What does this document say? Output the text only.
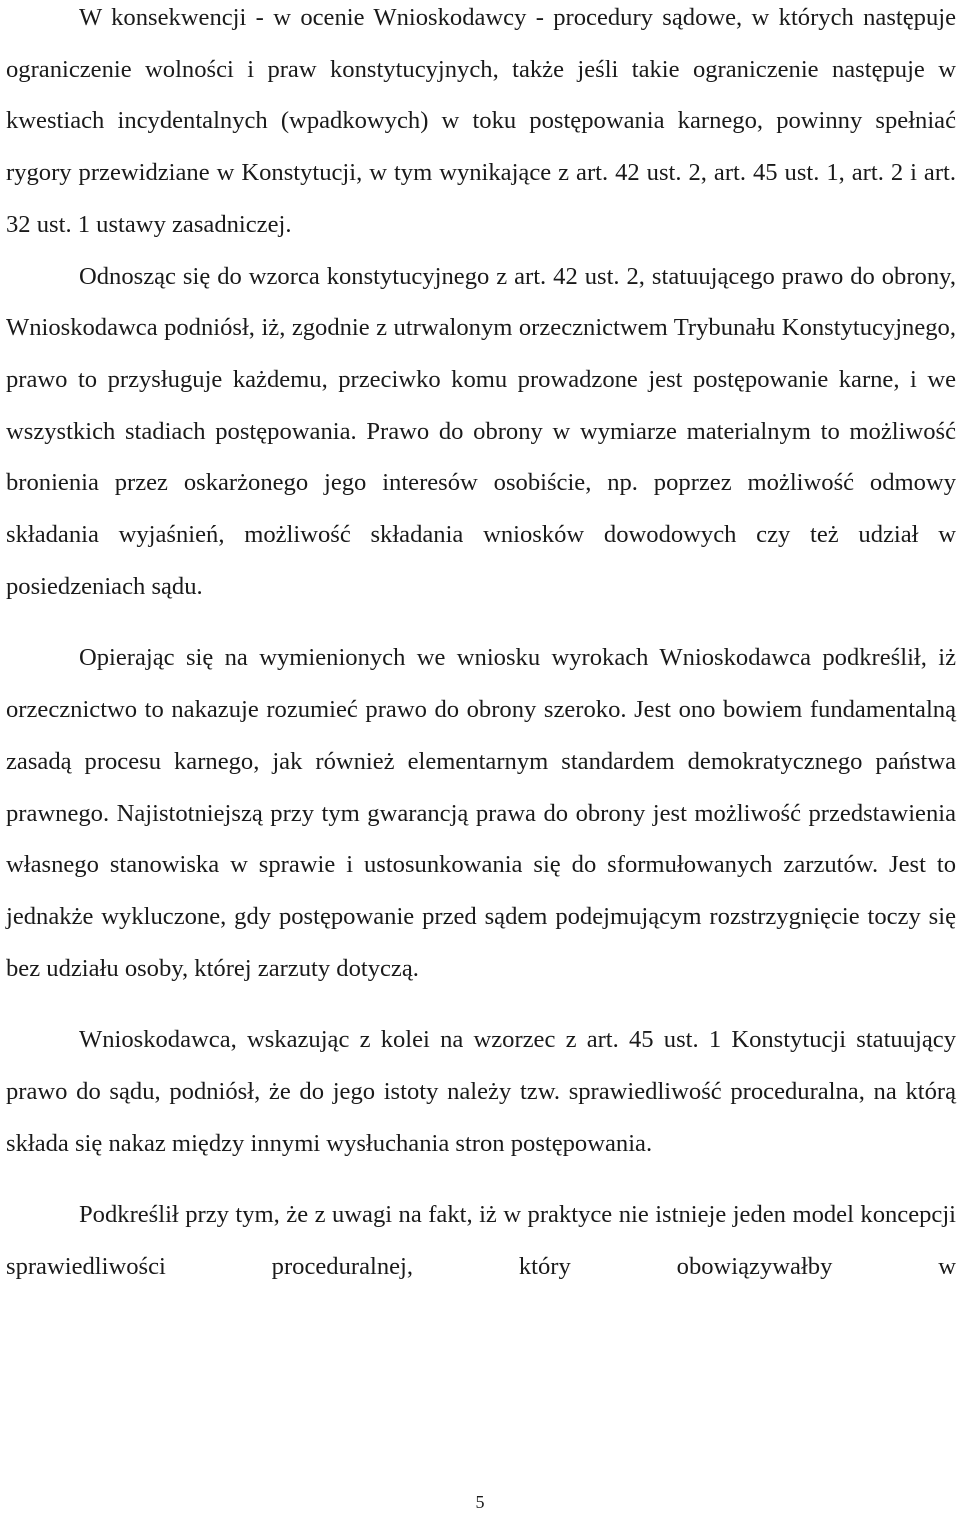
W konsekwencji - w ocenie Wnioskodawcy - procedury sądowe, w których następuje ograniczenie wolności i praw konstytucyjnych, także jeśli takie ograniczenie następuje w kwestiach incydentalnych (wpadkowych) w toku postępowania karnego, powinny spełniać rygory przewidziane w Konstytucji, w tym wynikające z art. 42 ust. 2, art. 45 ust. 1, art. 2 i art. 32 ust. 1 ustawy zasadniczej.

Odnosząc się do wzorca konstytucyjnego z art. 42 ust. 2, statuującego prawo do obrony, Wnioskodawca podniósł, iż, zgodnie z utrwalonym orzecznictwem Trybunału Konstytucyjnego, prawo to przysługuje każdemu, przeciwko komu prowadzone jest postępowanie karne, i we wszystkich stadiach postępowania. Prawo do obrony w wymiarze materialnym to możliwość bronienia przez oskarżonego jego interesów osobiście, np. poprzez możliwość odmowy składania wyjaśnień, możliwość składania wniosków dowodowych czy też udział w posiedzeniach sądu.

Opierając się na wymienionych we wniosku wyrokach Wnioskodawca podkreślił, iż orzecznictwo to nakazuje rozumieć prawo do obrony szeroko. Jest ono bowiem fundamentalną zasadą procesu karnego, jak również elementarnym standardem demokratycznego państwa prawnego. Najistotniejszą przy tym gwarancją prawa do obrony jest możliwość przedstawienia własnego stanowiska w sprawie i ustosunkowania się do sformułowanych zarzutów. Jest to jednakże wykluczone, gdy postępowanie przed sądem podejmującym rozstrzygnięcie toczy się bez udziału osoby, której zarzuty dotyczą.

Wnioskodawca, wskazując z kolei na wzorzec z art. 45 ust. 1 Konstytucji statuujący prawo do sądu, podniósł, że do jego istoty należy tzw. sprawiedliwość proceduralna, na którą składa się nakaz między innymi wysłuchania stron postępowania.

Podkreślił przy tym, że z uwagi na fakt, iż w praktyce nie istnieje jeden model koncepcji sprawiedliwości proceduralnej, który obowiązywałby w

5
